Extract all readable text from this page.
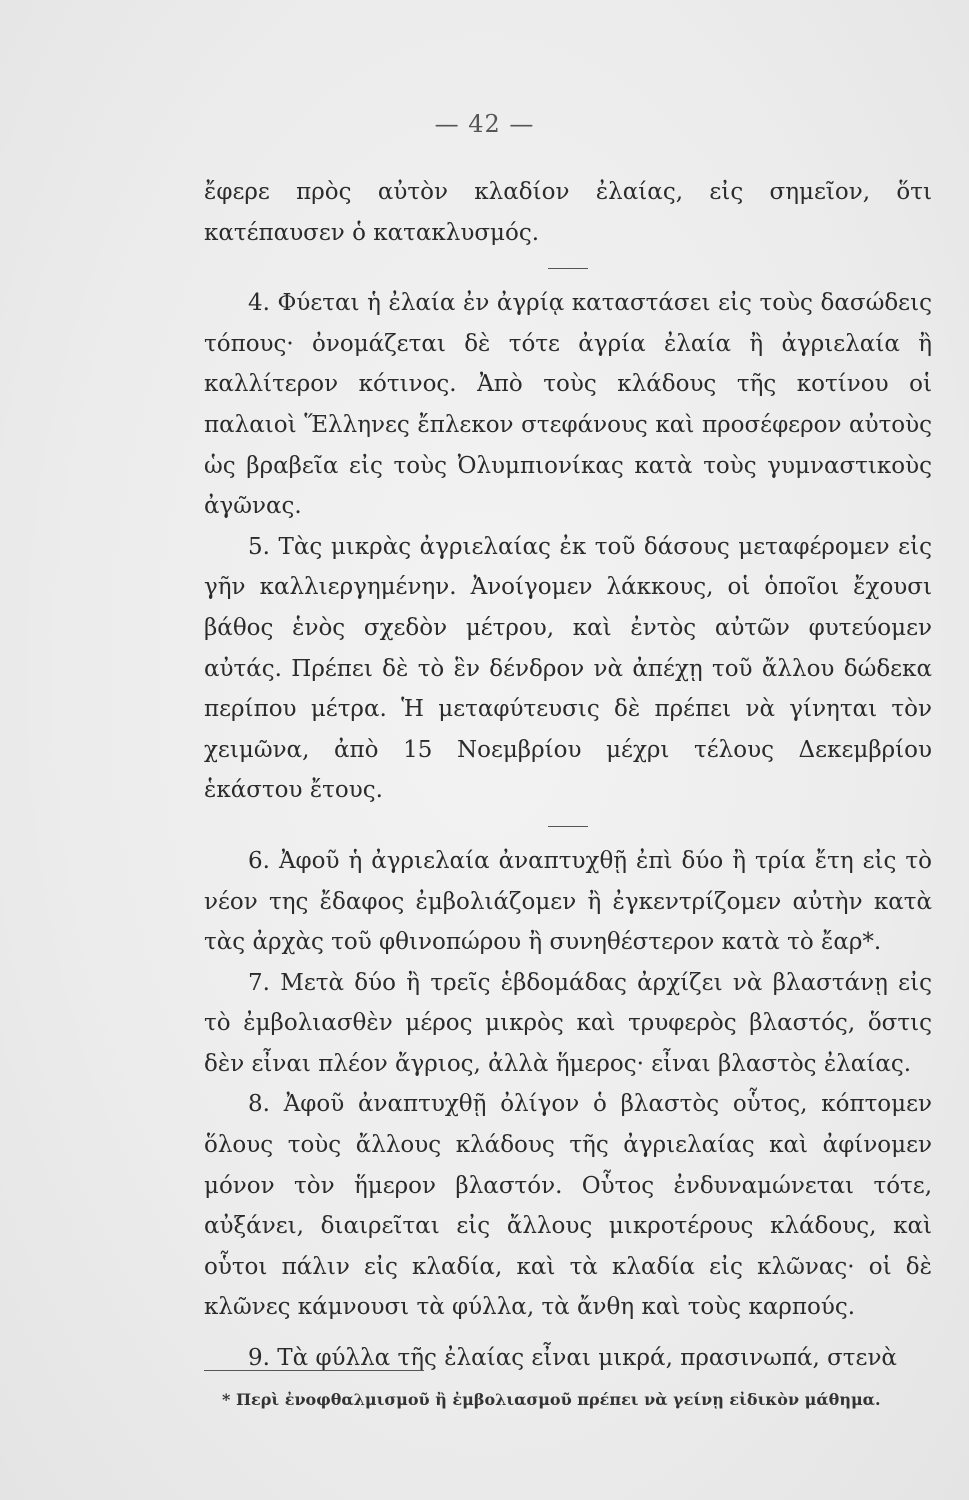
— 42 —

ἔφερε πρὸς αὐτὸν κλαδίον ἐλαίας, εἰς σημεῖον, ὅτι κατέπαυσεν ὁ κατακλυσμός.

4. Φύεται ἡ ἐλαία ἐν ἀγρίᾳ καταστάσει εἰς τοὺς δασώδεις τόπους· ὀνομάζεται δὲ τότε ἀγρία ἐλαία ἢ ἀγριελαία ἢ καλλίτερον κότινος. Ἀπὸ τοὺς κλάδους τῆς κοτίνου οἱ παλαιοὶ Ἕλληνες ἔπλεκον στεφάνους καὶ προσέφερον αὐτοὺς ὡς βραβεῖα εἰς τοὺς Ὀλυμπιονίκας κατὰ τοὺς γυμναστικοὺς ἀγῶνας.

5. Τὰς μικρὰς ἀγριελαίας ἐκ τοῦ δάσους μεταφέρομεν εἰς γῆν καλλιεργημένην. Ἀνοίγομεν λάκκους, οἱ ὁποῖοι ἔχουσι βάθος ἑνὸς σχεδὸν μέτρου, καὶ ἐντὸς αὐτῶν φυτεύομεν αὐτάς. Πρέπει δὲ τὸ ἓν δένδρον νὰ ἀπέχῃ τοῦ ἄλλου δώδεκα περίπου μέτρα. Ἡ μεταφύτευσις δὲ πρέπει νὰ γίνηται τὸν χειμῶνα, ἀπὸ 15 Νοεμβρίου μέχρι τέλους Δεκεμβρίου ἑκάστου ἔτους.

6. Ἀφοῦ ἡ ἀγριελαία ἀναπτυχθῇ ἐπὶ δύο ἢ τρία ἔτη εἰς τὸ νέον της ἔδαφος ἐμβολιάζομεν ἢ ἐγκεντρίζομεν αὐτὴν κατὰ τὰς ἀρχὰς τοῦ φθινοπώρου ἢ συνηθέστερον κατὰ τὸ ἔαρ*.

7. Μετὰ δύο ἢ τρεῖς ἑβδομάδας ἀρχίζει νὰ βλαστάνῃ εἰς τὸ ἐμβολιασθὲν μέρος μικρὸς καὶ τρυφερὸς βλαστός, ὅστις δὲν εἶναι πλέον ἄγριος, ἀλλὰ ἥμερος· εἶναι βλαστὸς ἐλαίας.

8. Ἀφοῦ ἀναπτυχθῇ ὀλίγον ὁ βλαστὸς οὗτος, κόπτομεν ὅλους τοὺς ἄλλους κλάδους τῆς ἀγριελαίας καὶ ἀφίνομεν μόνον τὸν ἥμερον βλαστόν. Οὗτος ἐνδυναμώνεται τότε, αὐξάνει, διαιρεῖται εἰς ἄλλους μικροτέρους κλάδους, καὶ οὗτοι πάλιν εἰς κλαδία, καὶ τὰ κλαδία εἰς κλῶνας· οἱ δὲ κλῶνες κάμνουσι τὰ φύλλα, τὰ ἄνθη καὶ τοὺς καρπούς.

9. Τὰ φύλλα τῆς ἐλαίας εἶναι μικρά, πρασινωπά, στενὰ

* Περὶ ἐνοφθαλμισμοῦ ἢ ἐμβολιασμοῦ πρέπει νὰ γείνῃ εἰδικὸν μάθημα.
